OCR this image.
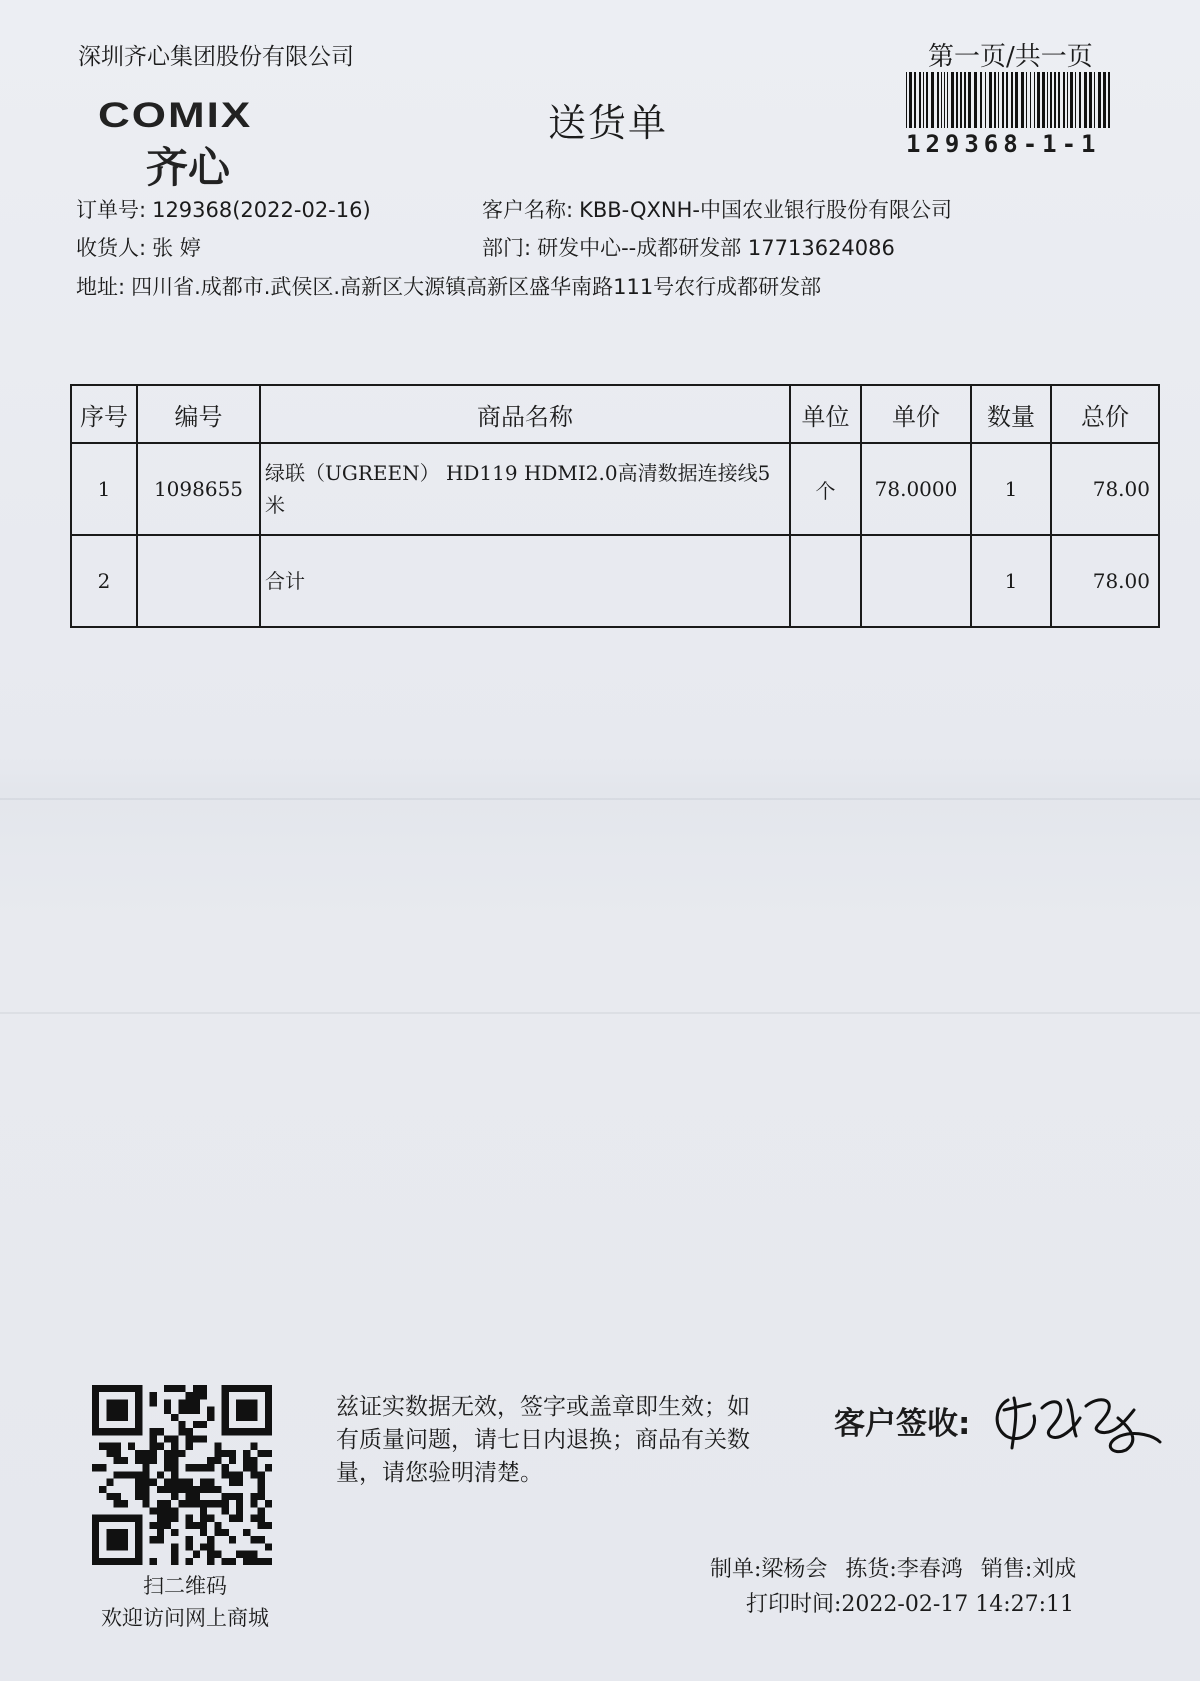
深圳齐心集团股份有限公司	第一页/共一页
COMIX
齐心
送货单	129368-1-1
订单号: 129368(2022-02-16)	客户名称: KBB-QXNH-中国农业银行股份有限公司
收货人: 张 婷	部门: 研发中心--成都研发部 17713624086
地址: 四川省.成都市.武侯区.高新区大源镇高新区盛华南路111号农行成都研发部
序号	编号	商品名称	单位	单价	数量	总价
1	1098655	绿联（UGREEN） HD119 HDMI2.0高清数据连接线5米	个	78.0000	1	78.00
2		合计			1	78.00
扫二维码
欢迎访问网上商城
兹证实数据无效，签字或盖章即生效；如有质量问题，请七日内退换；商品有关数量，请您验明清楚。
客户签收:
制单:梁杨会 拣货:李春鸿 销售:刘成
打印时间:2022-02-17 14:27:11
